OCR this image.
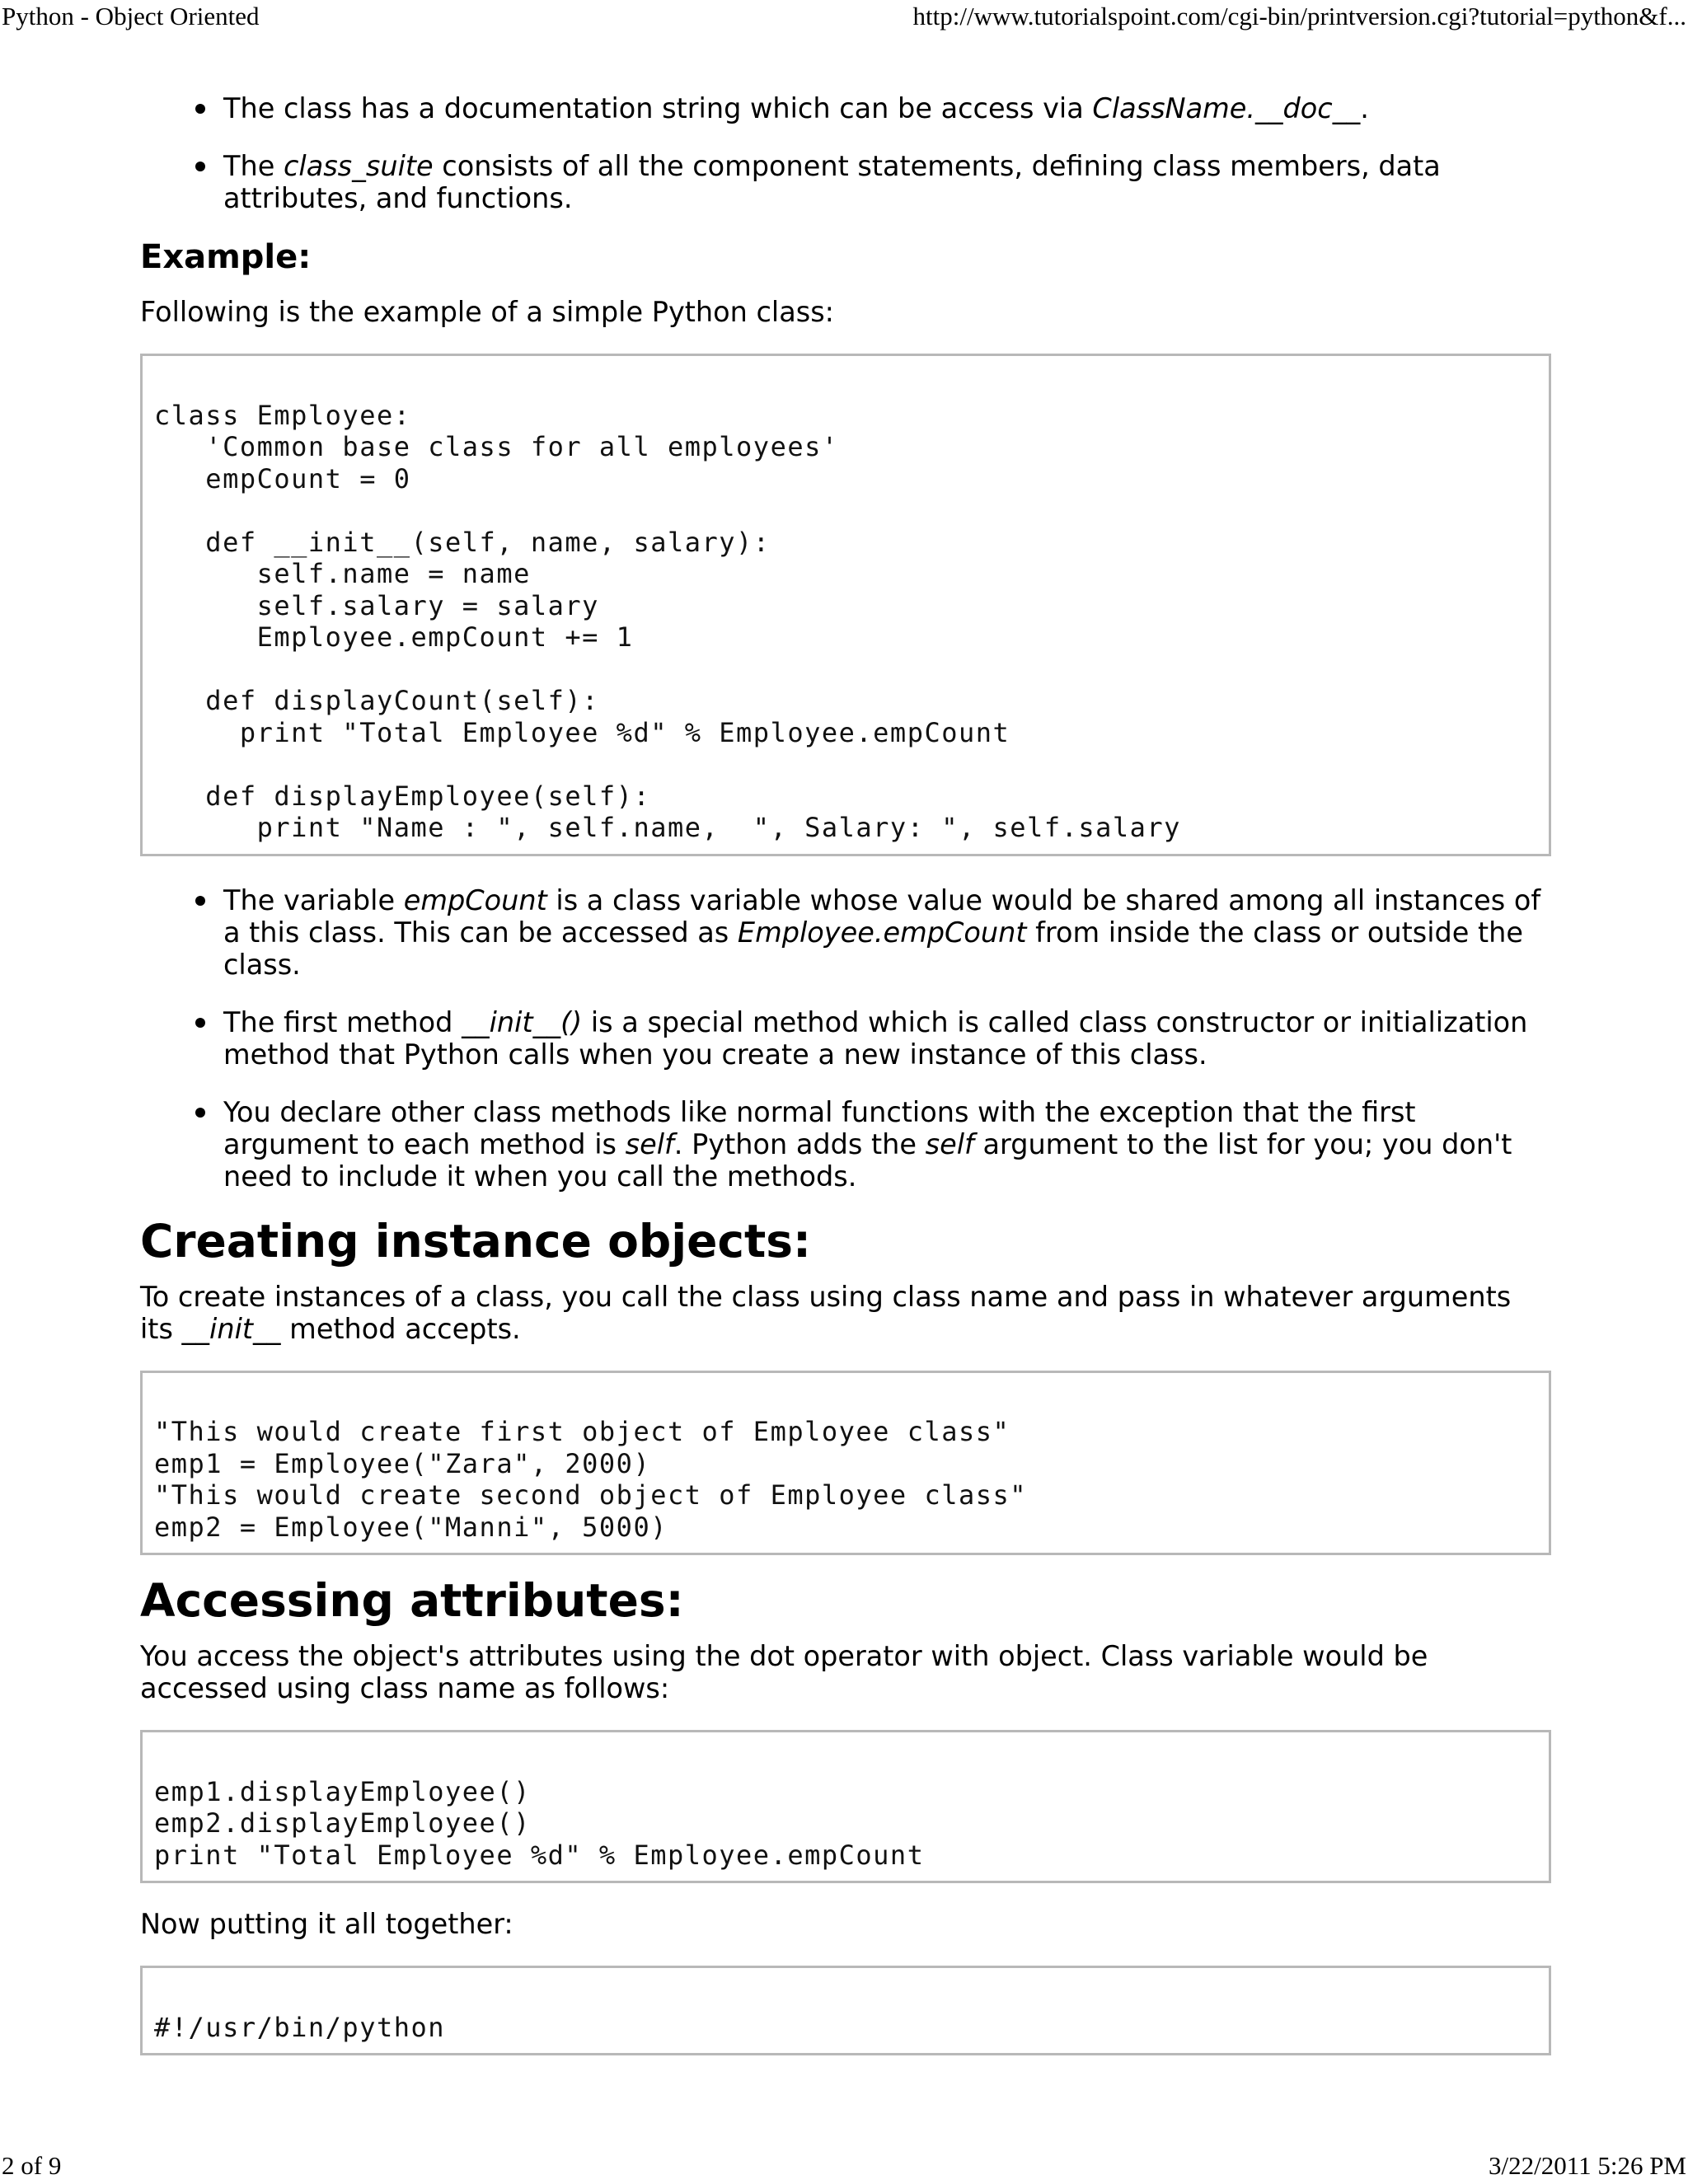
Python - Object Oriented	http://www.tutorialspoint.com/cgi-bin/printversion.cgi?tutorial=python&f...
The class has a documentation string which can be access via ClassName.__doc__.
The class_suite consists of all the component statements, defining class members, data attributes, and functions.
Example:

Following is the example of a simple Python class:

class Employee:
'Common base class for all employees'
empCount = 0

def __init__(self, name, salary):
self.name = name
self.salary = salary
Employee.empCount += 1

def displayCount(self):
print "Total Employee %d" % Employee.empCount

def displayEmployee(self):
print "Name : ", self.name,  ", Salary: ", self.salary
The variable empCount is a class variable whose value would be shared among all instances of a this class. This can be accessed as Employee.empCount from inside the class or outside the class.
The first method __init__() is a special method which is called class constructor or initialization method that Python calls when you create a new instance of this class.
You declare other class methods like normal functions with the exception that the first argument to each method is self. Python adds the self argument to the list for you; you don't need to include it when you call the methods.
Creating instance objects:

To create instances of a class, you call the class using class name and pass in whatever arguments its __init__ method accepts.

"This would create first object of Employee class"
emp1 = Employee("Zara", 2000)
"This would create second object of Employee class"
emp2 = Employee("Manni", 5000)
Accessing attributes:

You access the object's attributes using the dot operator with object. Class variable would be accessed using class name as follows:

emp1.displayEmployee()
emp2.displayEmployee()
print "Total Employee %d" % Employee.empCount

Now putting it all together:

#!/usr/bin/python

2 of 9	3/22/2011 5:26 PM
